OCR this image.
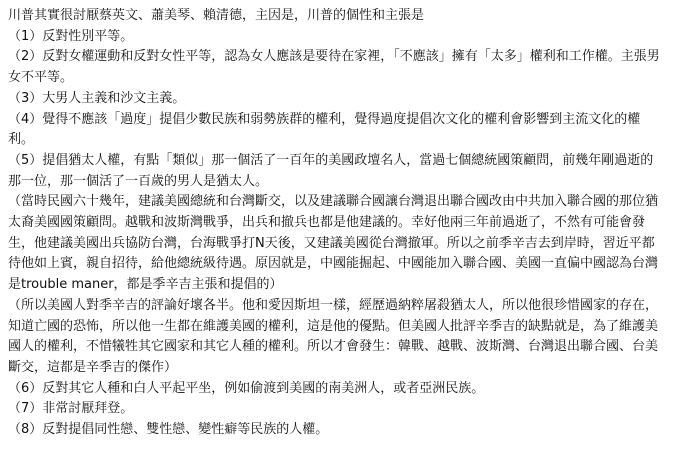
川普其實很討厭蔡英文、蕭美琴、賴清德，主因是，川普的個性和主張是

（1）反對性別平等。

（2）反對女權運動和反對女性平等，認為女人應該是要待在家裡，「不應該」擁有「太多」權利和工作權。主張男女不平等。

（3）大男人主義和沙文主義。

（4）覺得不應該「過度」提倡少數民族和弱勢族群的權利，覺得過度提倡次文化的權利會影響到主流文化的權利。

（5）提倡猶太人權，有點「類似」那一個活了一百年的美國政壇名人，當過七個總統國策顧問，前幾年剛過逝的那一位，那一個活了一百歲的男人是猶太人。

（當時民國六十幾年，建議美國總統和台灣斷交，以及建議聯合國讓台灣退出聯合國改由中共加入聯合國的那位猶太裔美國國策顧問。越戰和波斯灣戰爭，出兵和撤兵也都是他建議的。幸好他兩三年前過逝了，不然有可能會發生，他建議美國出兵協防台灣，台海戰爭打N天後，又建議美國從台灣撤軍。所以之前季辛吉去到岸時，習近平都待他如上賓，親自招待，給他總統級待遇。原因就是，中國能掘起、中國能加入聯合國、美國一直偏中國認為台灣是trouble maner，都是季辛吉主張和提倡的）

（所以美國人對季辛吉的評論好壞各半。他和愛因斯坦一樣，經歷過納粹屠殺猶太人，所以他很珍惜國家的存在，知道亡國的恐怖，所以他一生都在維護美國的權利，這是他的優點。但美國人批評辛季吉的缺點就是，為了維護美國人的權利，不惜犧牲其它國家和其它人種的權利。所以才會發生：韓戰、越戰、波斯灣、台灣退出聯合國、台美斷交，這都是辛季吉的傑作）

（6）反對其它人種和白人平起平坐，例如偷渡到美國的南美洲人，或者亞洲民族。

（7）非常討厭拜登。

（8）反對提倡同性戀、雙性戀、變性癖等民族的人權。
